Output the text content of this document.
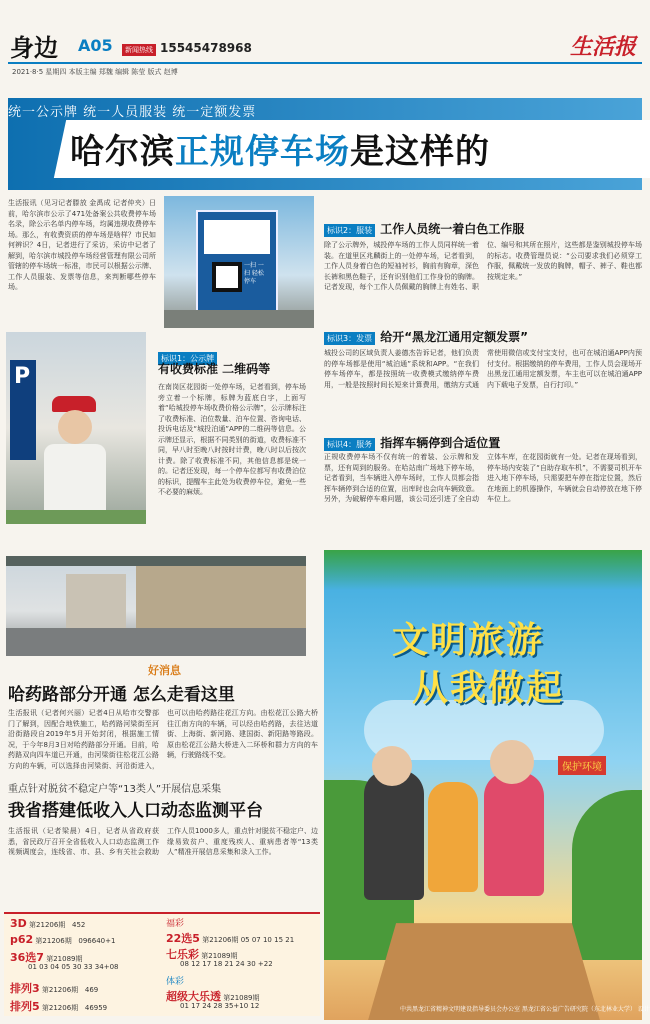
身边 A05	新闻热线 15545478968	生活报
2021·8·5 星期四 本版主编 郑魏 编辑 陈莹 版式 赵博
统一公示牌 统一人员服装 统一定额发票
哈尔滨正规停车场是这样的
生活报讯（见习记者滕放 金禹成 记者仲夹）日前，哈尔滨市公示了471处备案公共收费停车场名录，除公示名单内停车场，均属违规收费停车场。那么，有收费资质的停车场是啥样？市民如何辨识？4日，记者进行了采访，采访中记者了解到，哈尔滨市城投停车场经营管理有限公司所管辖的停车场统一标准，市民可以根据公示牌、工作人员服装、发票等信息，来判断哪些停车场。
一扫 一扫 轻松停车
P
标识1：公示牌
有收费标准 二维码等
在南岗区花园街一处停车场，记者看到，停车场旁立着一个标牌，标牌为蓝底白字，上面写着“哈城投停车场收费价格公示牌”，公示牌标注了收费标准、泊位数量、泊车位置、咨询电话、投诉电话及“城投泊通”APP的二维码等信息。公示牌还显示，根据不同类别的街道，收费标准不同，早八时至晚八时按时计费，晚八时以后按次计费。除了收费标准不同，其他信息都是统一的。记者还发现，每一个停车位都写有收费泊位的标识，提醒车主此处为收费停车位，避免一些不必要的麻烦。
标识2：服装 工作人员统一着白色工作服
除了公示牌外，城投停车场的工作人员同样统一着装。在道里区兆麟街上的一处停车场，记者看到，工作人员身着白色的短袖衬衫，胸前有胸章，深色长裤和黑色鞋子，还有识别他们工作身份的胸牌。记者发现，每个工作人员佩戴的胸牌上有姓名、职位、编号和其所在照片，这些都是鉴别城投停车场的标志。收费管理员说：“公司要求我们必须穿工作服，佩戴统一发放的胸牌，帽子、裤子、鞋也都按规定来。”
标识3：发票 给开“黑龙江通用定额发票”
城投公司的区域负责人姜德杰告诉记者，他们负责的停车场都是使用“城泊通”系统和APP。“在我们停车场停车，都是按照统一收费模式缴纳停车费用，一般是按照时间长短来计算费用，缴纳方式通常使用微信或支付宝支付，也可在城泊通APP内预付支付。根据缴纳的停车费用，工作人员会现场开出黑龙江通用定额发票，车主也可以在城泊通APP内下载电子发票，自行打印。”
标识4：服务 指挥车辆停到合适位置
正规收费停车场不仅有统一的着装、公示牌和发票，还有周到的服务。在哈站南广场地下停车场，记者看到，当车辆进入停车场时，工作人员都会指挥车辆停到合适的位置，出库时也会向车辆致意。另外，为破解停车难问题，该公司还引进了全自动立体车库，在花园街就有一处。记者在现场看到，停车场内安装了“自助存取车机”，不需要司机开车进入地下停车场，只需要把车停在指定位置，然后在地面上的机器操作，车辆就会自动停放在地下停车位上。
好消息
哈药路部分开通 怎么走看这里
生活报讯（记者何兴丽）记者4日从哈市交警部门了解到，因配合地铁施工，哈药路河梁街至河沿街路段自2019年5月开始封闭，根据施工情况，于今年8月3日对哈药路部分开通。目前，哈药路双向四车道已开通，由河梁街往松花江公路方向的车辆，可以选择由河梁街、河沿街进入，也可以由哈药路往花江方向。由松花江公路大桥往江南方向的车辆，可以经由哈药路，去往达道街、上海街、新河路、建国街、新阳路等路段。原由松花江公路大桥进入二环桥和群力方向的车辆，行驶路线不变。
重点针对脱贫不稳定户等“13类人”开展信息采集
我省搭建低收入人口动态监测平台
生活报讯（记者梁晨）4日，记者从省政府获悉，省民政厅召开全省低收入人口动态监测工作视频调度会，连线省、市、县、乡有关社会救助工作人员1000多人，重点针对脱贫不稳定户、边缘易致贫户、重度残疾人、重病患者等“13类人”精准开展信息采集和录入工作。
3D 第21206期 452
p62 第21206期 096640+1
36选7 第21089期
01 03 04 05 30 33 34+08
排列3 第21206期 469
排列5 第21206期 46959
福彩
22选5 第21206期 05 07 10 15 21
七乐彩 第21089期
08 12 17 18 21 24 30 +22
体彩
超级大乐透 第21089期
01 17 24 28 35+10 12
文明旅游
从我做起
保护环境
中共黑龙江省精神文明建设指导委员会办公室 黑龙江省公益广告研究院（东北林业大学） 设计
